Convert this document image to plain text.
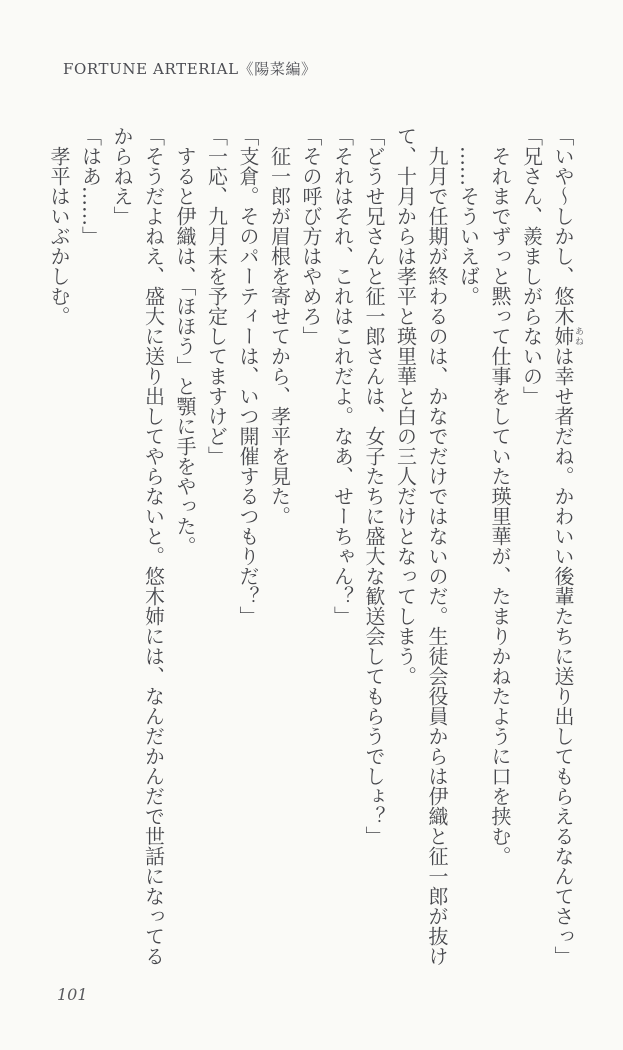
FORTUNE ARTERIAL《陽菜編》

「いや〜しかし、悠木姉あねは幸せ者だね。かわいい後輩たちに送り出してもらえるなんてさっ」

「兄さん、羨ましがらないの」

それまでずっと黙って仕事をしていた瑛里華が、たまりかねたように口を挟む。

……そういえば。

九月で任期が終わるのは、かなでだけではないのだ。生徒会役員からは伊織と征一郎が抜けて、十月からは孝平と瑛里華と白の三人だけとなってしまう。

「どうせ兄さんと征一郎さんは、女子たちに盛大な歓送会してもらうでしょ？」

「それはそれ、これはこれだよ。なあ、せーちゃん？」

「その呼び方はやめろ」

征一郎が眉根を寄せてから、孝平を見た。

「支倉。そのパーティーは、いつ開催するつもりだ？」

「一応、九月末を予定してますけど」

すると伊織は、「ほほう」と顎に手をやった。

「そうだよねえ、盛大に送り出してやらないと。悠木姉には、なんだかんだで世話になってるからねえ」

「はあ……」

孝平はいぶかしむ。

101
